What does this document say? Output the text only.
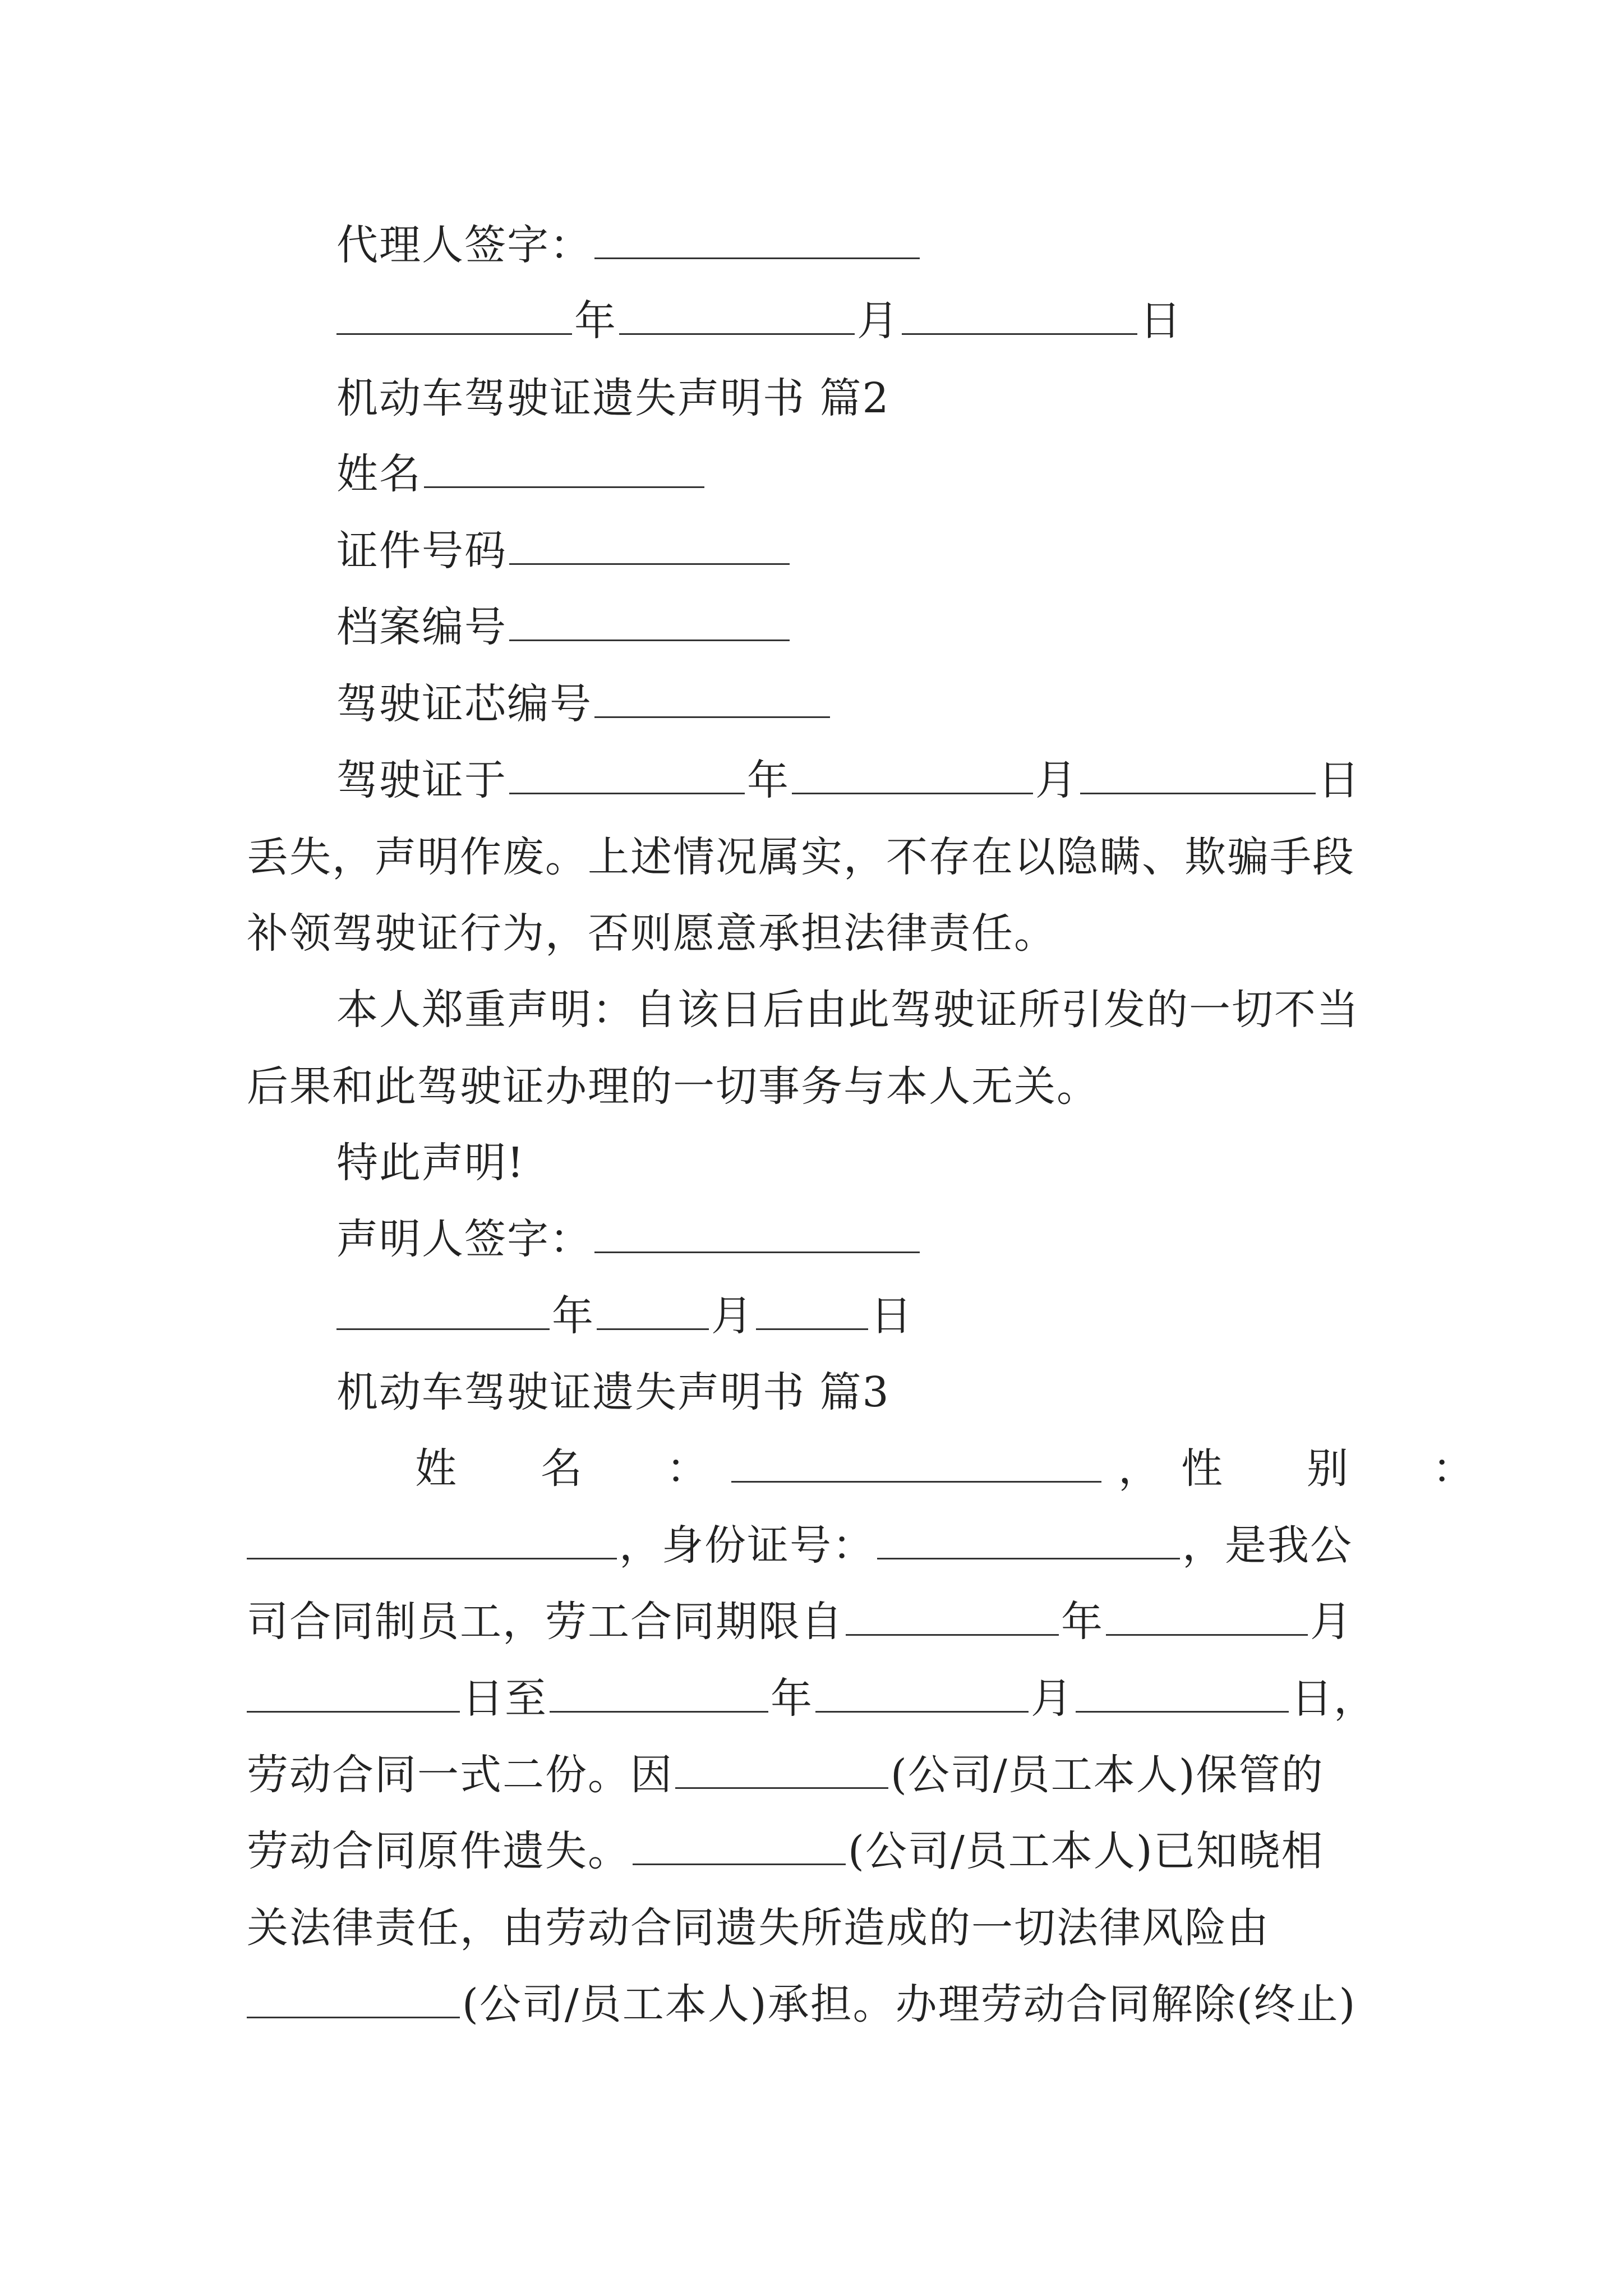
代理人签字：
年	月	日
机动车驾驶证遗失声明书 篇2
姓名
证件号码
档案编号
驾驶证芯编号
驾驶证于	年	月	日
丢失，声明作废。上述情况属实，不存在以隐瞒、欺骗手段
补领驾驶证行为，否则愿意承担法律责任。
本人郑重声明：自该日后由此驾驶证所引发的一切不当
后果和此驾驶证办理的一切事务与本人无关。
特此声明!
声明人签字：
年	月	日
机动车驾驶证遗失声明书 篇3
姓　名　：	，性　别　：
，身份证号：	，是我公
司合同制员工，劳工合同期限自	年	月
日至	年	月	日，
劳动合同一式二份。因	(公司/员工本人)保管的
劳动合同原件遗失。	(公司/员工本人)已知晓相
关法律责任，由劳动合同遗失所造成的一切法律风险由
(公司/员工本人)承担。办理劳动合同解除(终止)
